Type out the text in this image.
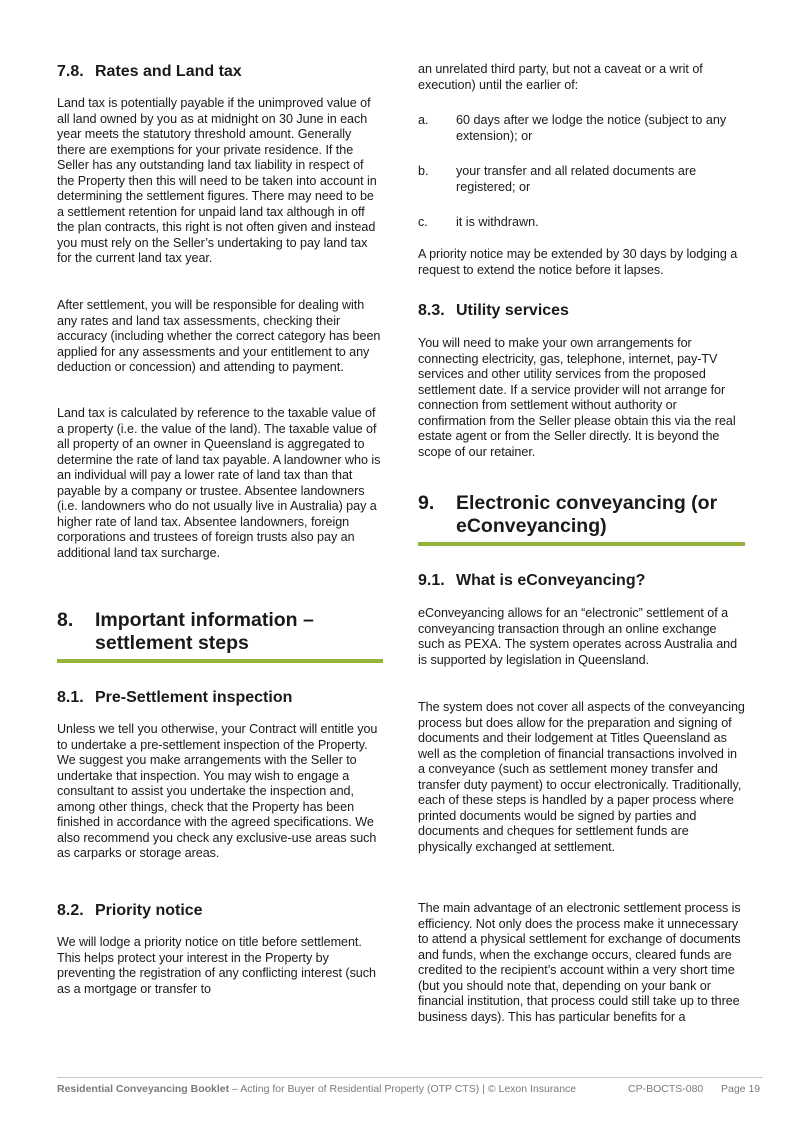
7.8. Rates and Land tax

Land tax is potentially payable if the unimproved value of all land owned by you as at midnight on 30 June in each year meets the statutory threshold amount. Generally there are exemptions for your private residence. If the Seller has any outstanding land tax liability in respect of the Property then this will need to be taken into account in determining the settlement figures. There may need to be a settlement retention for unpaid land tax although in off the plan contracts, this right is not often given and instead you must rely on the Seller’s undertaking to pay land tax for the current land tax year.

After settlement, you will be responsible for dealing with any rates and land tax assessments, checking their accuracy (including whether the correct category has been applied for any assessments and your entitlement to any deduction or concession) and attending to payment.

Land tax is calculated by reference to the taxable value of a property (i.e. the value of the land). The taxable value of all property of an owner in Queensland is aggregated to determine the rate of land tax payable. A landowner who is an individual will pay a lower rate of land tax than that payable by a company or trustee. Absentee landowners (i.e. landowners who do not usually live in Australia) pay a higher rate of land tax. Absentee landowners, foreign corporations and trustees of foreign trusts also pay an additional land tax surcharge.

8. Important information – settlement steps
8.1. Pre-Settlement inspection

Unless we tell you otherwise, your Contract will entitle you to undertake a pre-settlement inspection of the Property. We suggest you make arrangements with the Seller to undertake that inspection. You may wish to engage a consultant to assist you undertake the inspection and, among other things, check that the Property has been finished in accordance with the agreed specifications. We also recommend you check any exclusive-use areas such as carparks or storage areas.

8.2. Priority notice

We will lodge a priority notice on title before settlement. This helps protect your interest in the Property by preventing the registration of any conflicting interest (such as a mortgage or transfer to

an unrelated third party, but not a caveat or a writ of execution) until the earlier of:

a. 60 days after we lodge the notice (subject to any extension); or
b. your transfer and all related documents are registered; or
c. it is withdrawn.

A priority notice may be extended by 30 days by lodging a request to extend the notice before it lapses.

8.3. Utility services

You will need to make your own arrangements for connecting electricity, gas, telephone, internet, pay-TV services and other utility services from the proposed settlement date. If a service provider will not arrange for connection from settlement without authority or confirmation from the Seller please obtain this via the real estate agent or from the Seller directly. It is beyond the scope of our retainer.

9. Electronic conveyancing (or eConveyancing)
9.1. What is eConveyancing?

eConveyancing allows for an “electronic” settlement of a conveyancing transaction through an online exchange such as PEXA. The system operates across Australia and is supported by legislation in Queensland.

The system does not cover all aspects of the conveyancing process but does allow for the preparation and signing of documents and their lodgement at Titles Queensland as well as the completion of financial transactions involved in a conveyance (such as settlement money transfer and transfer duty payment) to occur electronically. Traditionally, each of these steps is handled by a paper process where printed documents would be signed by parties and documents and cheques for settlement funds are physically exchanged at settlement.

The main advantage of an electronic settlement process is efficiency. Not only does the process make it unnecessary to attend a physical settlement for exchange of documents and funds, when the exchange occurs, cleared funds are credited to the recipient’s account within a very short time (but you should note that, depending on your bank or financial institution, that process could still take up to three business days). This has particular benefits for a

Residential Conveyancing Booklet – Acting for Buyer of Residential Property (OTP CTS) | © Lexon Insurance	CP-BOCTS-080 Page 19
